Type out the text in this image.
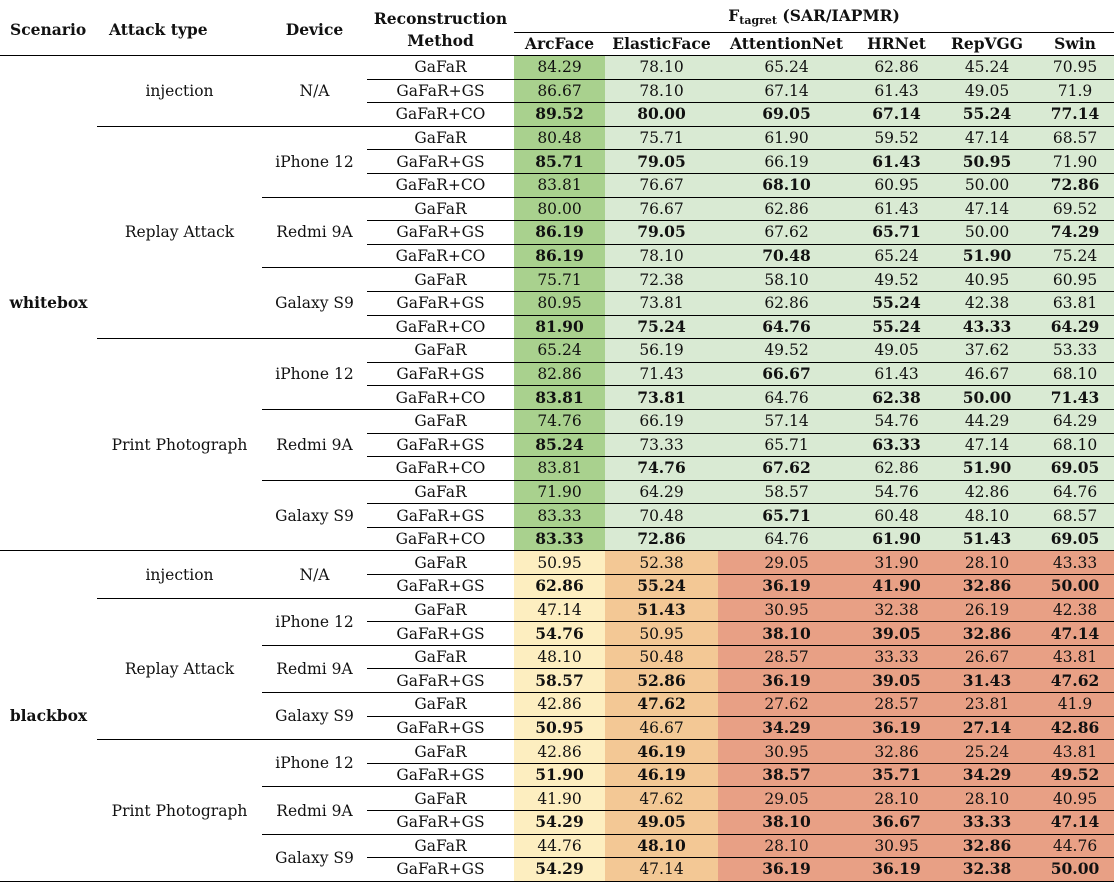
Scenario	Attack type	Device	Reconstruction
Method	$F_{tagret}$ (SAR/IAPMR)					
				ArcFace	ElasticFace	AttentionNet	HRNet	RepVGG	Swin
whitebox	injection	N/A	GaFaR	84.29	78.10	65.24	62.86	45.24	70.95
			GaFaR+GS	86.67	78.10	67.14	61.43	49.05	71.9
			GaFaR+CO	89.52	80.00	69.05	67.14	55.24	77.14
	Replay Attack	iPhone 12	GaFaR	80.48	75.71	61.90	59.52	47.14	68.57
			GaFaR+GS	85.71	79.05	66.19	61.43	50.95	71.90
			GaFaR+CO	83.81	76.67	68.10	60.95	50.00	72.86
		Redmi 9A	GaFaR	80.00	76.67	62.86	61.43	47.14	69.52
			GaFaR+GS	86.19	79.05	67.62	65.71	50.00	74.29
			GaFaR+CO	86.19	78.10	70.48	65.24	51.90	75.24
		Galaxy S9	GaFaR	75.71	72.38	58.10	49.52	40.95	60.95
			GaFaR+GS	80.95	73.81	62.86	55.24	42.38	63.81
			GaFaR+CO	81.90	75.24	64.76	55.24	43.33	64.29
	Print Photograph	iPhone 12	GaFaR	65.24	56.19	49.52	49.05	37.62	53.33
			GaFaR+GS	82.86	71.43	66.67	61.43	46.67	68.10
			GaFaR+CO	83.81	73.81	64.76	62.38	50.00	71.43
		Redmi 9A	GaFaR	74.76	66.19	57.14	54.76	44.29	64.29
			GaFaR+GS	85.24	73.33	65.71	63.33	47.14	68.10
			GaFaR+CO	83.81	74.76	67.62	62.86	51.90	69.05
		Galaxy S9	GaFaR	71.90	64.29	58.57	54.76	42.86	64.76
			GaFaR+GS	83.33	70.48	65.71	60.48	48.10	68.57
			GaFaR+CO	83.33	72.86	64.76	61.90	51.43	69.05
blackbox	injection	N/A	GaFaR	50.95	52.38	29.05	31.90	28.10	43.33
			GaFaR+GS	62.86	55.24	36.19	41.90	32.86	50.00
	Replay Attack	iPhone 12	GaFaR	47.14	51.43	30.95	32.38	26.19	42.38
			GaFaR+GS	54.76	50.95	38.10	39.05	32.86	47.14
		Redmi 9A	GaFaR	48.10	50.48	28.57	33.33	26.67	43.81
			GaFaR+GS	58.57	52.86	36.19	39.05	31.43	47.62
		Galaxy S9	GaFaR	42.86	47.62	27.62	28.57	23.81	41.9
			GaFaR+GS	50.95	46.67	34.29	36.19	27.14	42.86
	Print Photograph	iPhone 12	GaFaR	42.86	46.19	30.95	32.86	25.24	43.81
			GaFaR+GS	51.90	46.19	38.57	35.71	34.29	49.52
		Redmi 9A	GaFaR	41.90	47.62	29.05	28.10	28.10	40.95
			GaFaR+GS	54.29	49.05	38.10	36.67	33.33	47.14
		Galaxy S9	GaFaR	44.76	48.10	28.10	30.95	32.86	44.76
			GaFaR+GS	54.29	47.14	36.19	36.19	32.38	50.00
